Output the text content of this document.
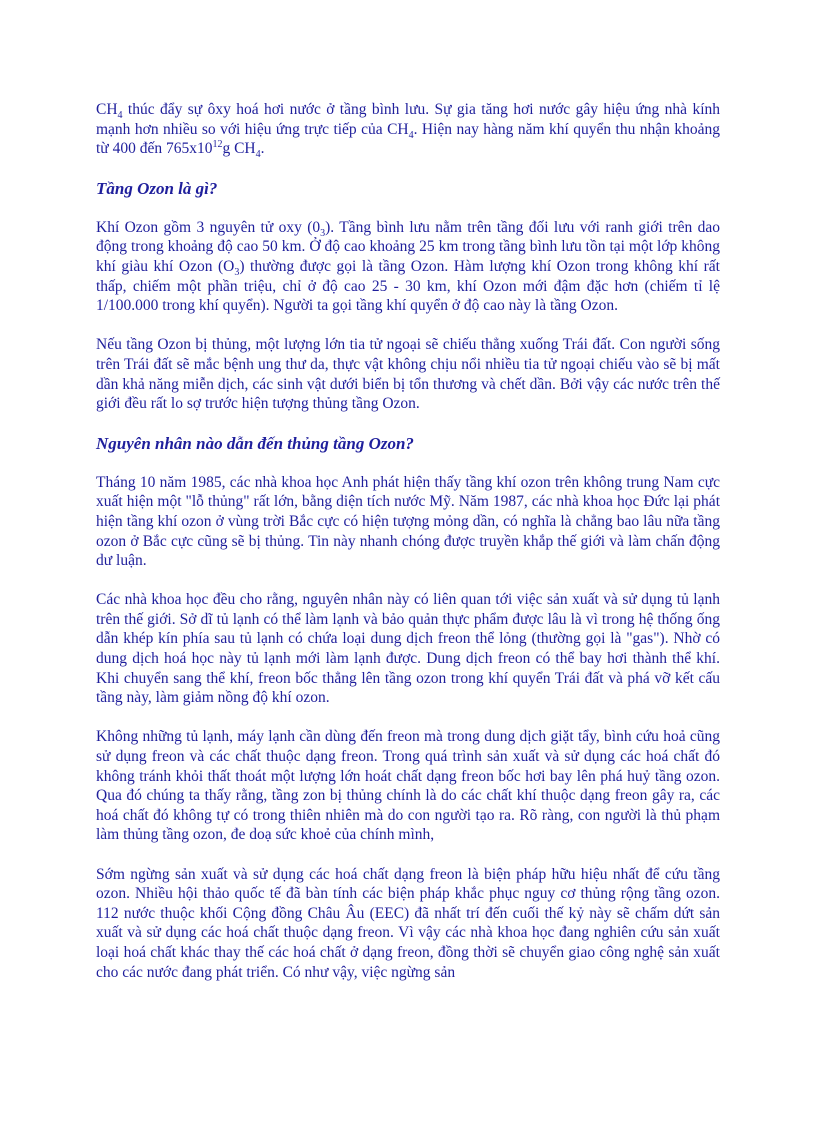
$CH_4$ thúc đẩy sự ôxy hoá hơi nước ở tầng bình lưu. Sự gia tăng hơi nước gây hiệu ứng nhà kính mạnh hơn nhiều so với hiệu ứng trực tiếp của $CH_4$. Hiện nay hàng năm khí quyển thu nhận khoảng từ 400 đến $765x10^{12}g$ $CH_4$.

Tầng Ozon là gì?

Khí Ozon gồm 3 nguyên tử oxy $(0_3)$. Tầng bình lưu nằm trên tầng đối lưu với ranh giới trên dao động trong khoảng độ cao 50 km. Ở độ cao khoảng 25 km trong tầng bình lưu tồn tại một lớp không khí giàu khí Ozon $(O_3)$ thường được gọi là tầng Ozon. Hàm lượng khí Ozon trong không khí rất thấp, chiếm một phần triệu, chỉ ở độ cao 25 - 30 km, khí Ozon mới đậm đặc hơn (chiếm tỉ lệ 1/100.000 trong khí quyển). Người ta gọi tầng khí quyển ở độ cao này là tầng Ozon.

Nếu tầng Ozon bị thủng, một lượng lớn tia tử ngoại sẽ chiếu thẳng xuống Trái đất. Con người sống trên Trái đất sẽ mắc bệnh ung thư da, thực vật không chịu nổi nhiều tia tử ngoại chiếu vào sẽ bị mất dần khả năng miễn dịch, các sinh vật dưới biển bị tổn thương và chết dần. Bởi vậy các nước trên thế giới đều rất lo sợ trước hiện tượng thủng tầng Ozon.

Nguyên nhân nào dẫn đến thủng tầng Ozon?

Tháng 10 năm 1985, các nhà khoa học Anh phát hiện thấy tầng khí ozon trên không trung Nam cực xuất hiện một "lỗ thủng" rất lớn, bằng diện tích nước Mỹ. Năm 1987, các nhà khoa học Đức lại phát hiện tầng khí ozon ở vùng trời Bắc cực có hiện tượng mỏng dần, có nghĩa là chẳng bao lâu nữa tầng ozon ở Bắc cực cũng sẽ bị thủng. Tin này nhanh chóng được truyền khắp thế giới và làm chấn động dư luận.

Các nhà khoa học đều cho rằng, nguyên nhân này có liên quan tới việc sản xuất và sử dụng tủ lạnh trên thế giới. Sở dĩ tủ lạnh có thể làm lạnh và bảo quản thực phẩm được lâu là vì trong hệ thống ống dẫn khép kín phía sau tủ lạnh có chứa loại dung dịch freon thể lỏng (thường gọi là "gas"). Nhờ có dung dịch hoá học này tủ lạnh mới làm lạnh được. Dung dịch freon có thể bay hơi thành thể khí. Khi chuyển sang thể khí, freon bốc thẳng lên tầng ozon trong khí quyển Trái đất và phá vỡ kết cấu tầng này, làm giảm nồng độ khí ozon.

Không những tủ lạnh, máy lạnh cần dùng đến freon mà trong dung dịch giặt tẩy, bình cứu hoả cũng sử dụng freon và các chất thuộc dạng freon. Trong quá trình sản xuất và sử dụng các hoá chất đó không tránh khỏi thất thoát một lượng lớn hoát chất dạng freon bốc hơi bay lên phá huỷ tầng ozon. Qua đó chúng ta thấy rằng, tầng zon bị thủng chính là do các chất khí thuộc dạng freon gây ra, các hoá chất đó không tự có trong thiên nhiên mà do con người tạo ra. Rõ ràng, con người là thủ phạm làm thủng tầng ozon, đe doạ sức khoẻ của chính mình,

Sớm ngừng sản xuất và sử dụng các hoá chất dạng freon là biện pháp hữu hiệu nhất để cứu tầng ozon. Nhiều hội thảo quốc tế đã bàn tính các biện pháp khắc phục nguy cơ thủng rộng tầng ozon. 112 nước thuộc khối Cộng đồng Châu Âu (EEC) đã nhất trí đến cuối thế kỷ này sẽ chấm dứt sản xuất và sử dụng các hoá chất thuộc dạng freon. Vì vậy các nhà khoa học đang nghiên cứu sản xuất loại hoá chất khác thay thế các hoá chất ở dạng freon, đồng thời sẽ chuyển giao công nghệ sản xuất cho các nước đang phát triển. Có như vậy, việc ngừng sản
